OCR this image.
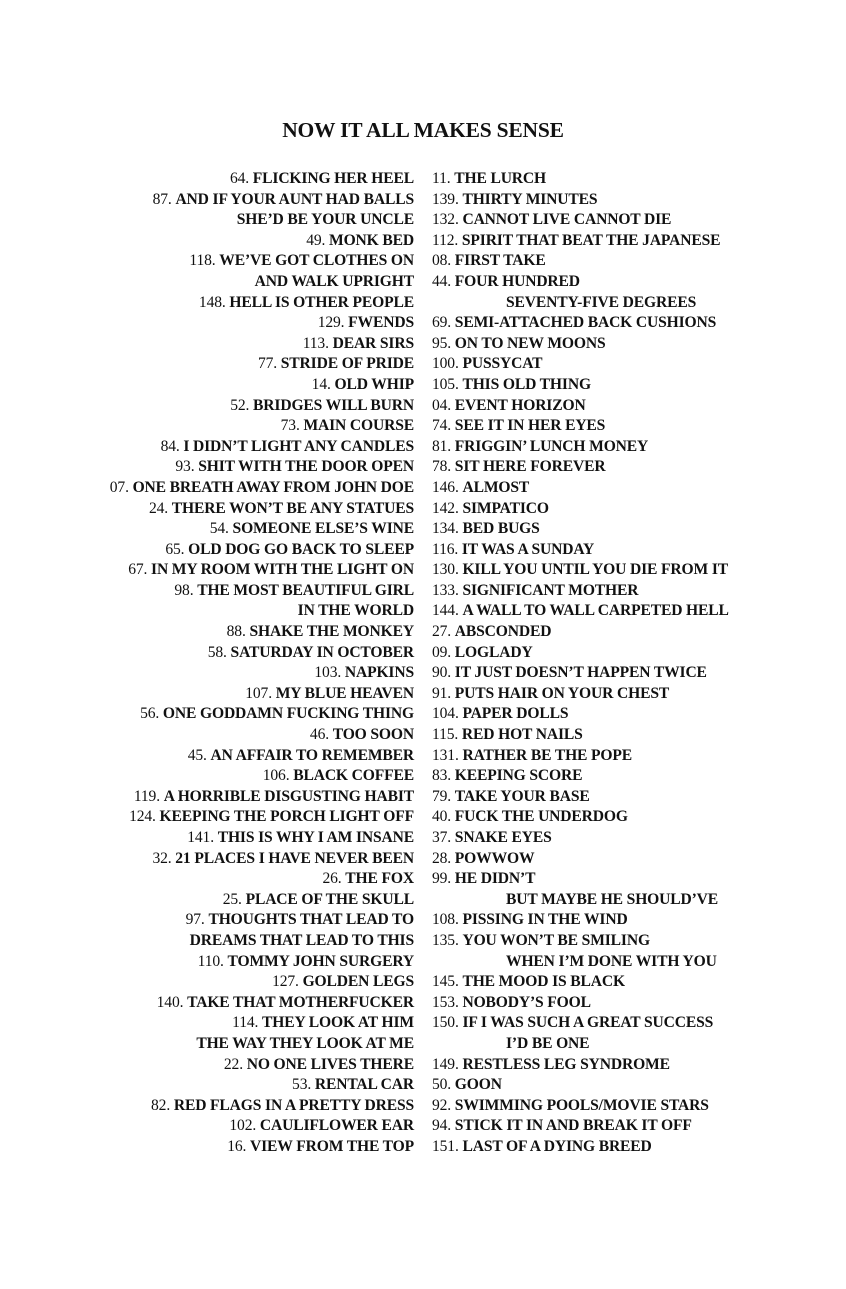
NOW IT ALL MAKES SENSE
64. FLICKING HER HEEL
87. AND IF YOUR AUNT HAD BALLS
SHE’D BE YOUR UNCLE
49. MONK BED
118. WE’VE GOT CLOTHES ON
AND WALK UPRIGHT
148. HELL IS OTHER PEOPLE
129. FWENDS
113. DEAR SIRS
77. STRIDE OF PRIDE
14. OLD WHIP
52. BRIDGES WILL BURN
73. MAIN COURSE
84. I DIDN’T LIGHT ANY CANDLES
93. SHIT WITH THE DOOR OPEN
07. ONE BREATH AWAY FROM JOHN DOE
24. THERE WON’T BE ANY STATUES
54. SOMEONE ELSE’S WINE
65. OLD DOG GO BACK TO SLEEP
67. IN MY ROOM WITH THE LIGHT ON
98. THE MOST BEAUTIFUL GIRL
IN THE WORLD
88. SHAKE THE MONKEY
58. SATURDAY IN OCTOBER
103. NAPKINS
107. MY BLUE HEAVEN
56. ONE GODDAMN FUCKING THING
46. TOO SOON
45. AN AFFAIR TO REMEMBER
106. BLACK COFFEE
119. A HORRIBLE DISGUSTING HABIT
124. KEEPING THE PORCH LIGHT OFF
141. THIS IS WHY I AM INSANE
32. 21 PLACES I HAVE NEVER BEEN
26. THE FOX
25. PLACE OF THE SKULL
97. THOUGHTS THAT LEAD TO
DREAMS THAT LEAD TO THIS
110. TOMMY JOHN SURGERY
127. GOLDEN LEGS
140. TAKE THAT MOTHERFUCKER
114. THEY LOOK AT HIM
THE WAY THEY LOOK AT ME
22. NO ONE LIVES THERE
53. RENTAL CAR
82. RED FLAGS IN A PRETTY DRESS
102. CAULIFLOWER EAR
16. VIEW FROM THE TOP
11. THE LURCH
139. THIRTY MINUTES
132. CANNOT LIVE CANNOT DIE
112. SPIRIT THAT BEAT THE JAPANESE
08. FIRST TAKE
44. FOUR HUNDRED
SEVENTY-FIVE DEGREES
69. SEMI-ATTACHED BACK CUSHIONS
95. ON TO NEW MOONS
100. PUSSYCAT
105. THIS OLD THING
04. EVENT HORIZON
74. SEE IT IN HER EYES
81. FRIGGIN’ LUNCH MONEY
78. SIT HERE FOREVER
146. ALMOST
142. SIMPATICO
134. BED BUGS
116. IT WAS A SUNDAY
130. KILL YOU UNTIL YOU DIE FROM IT
133. SIGNIFICANT MOTHER
144. A WALL TO WALL CARPETED HELL
27. ABSCONDED
09. LOGLADY
90. IT JUST DOESN’T HAPPEN TWICE
91. PUTS HAIR ON YOUR CHEST
104. PAPER DOLLS
115. RED HOT NAILS
131. RATHER BE THE POPE
83. KEEPING SCORE
79. TAKE YOUR BASE
40. FUCK THE UNDERDOG
37. SNAKE EYES
28. POWWOW
99. HE DIDN’T
BUT MAYBE HE SHOULD’VE
108. PISSING IN THE WIND
135. YOU WON’T BE SMILING
WHEN I’M DONE WITH YOU
145. THE MOOD IS BLACK
153. NOBODY’S FOOL
150. IF I WAS SUCH A GREAT SUCCESS
I’D BE ONE
149. RESTLESS LEG SYNDROME
50. GOON
92. SWIMMING POOLS/MOVIE STARS
94. STICK IT IN AND BREAK IT OFF
151. LAST OF A DYING BREED
